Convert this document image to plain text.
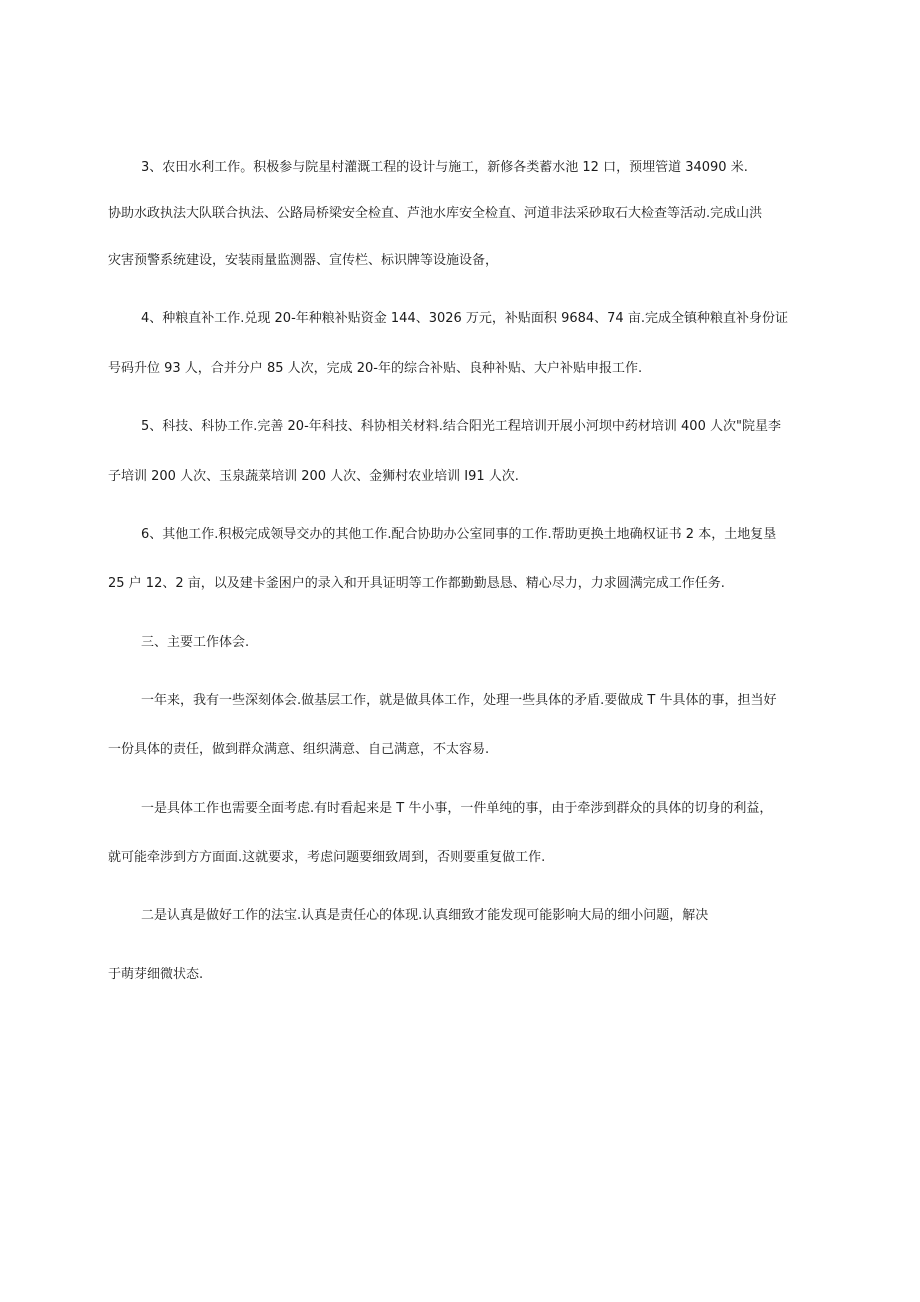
3、农田水利工作。积极参与院星村灌溉工程的设计与施工，新修各类蓄水池 12 口，预埋管道 34090 米.
协助水政执法大队联合执法、公路局桥梁安全检直、芦池水库安全检直、河道非法采砂取石大检查等活动.完成山洪
灾害预警系统建设，安装雨量监测器、宣传栏、标识牌等设施设备，
4、种粮直补工作.兑现 20-年种粮补贴资金 144、3026 万元，补贴面积 9684、74 亩.完成全镇种粮直补身份证
号码升位 93 人，合并分户 85 人次，完成 20-年的综合补贴、良种补贴、大户补贴申报工作.
5、科技、科协工作.完善 20-年科技、科协相关材料.结合阳光工程培训开展小河坝中药材培训 400 人次"院星李
子培训 200 人次、玉泉蔬菜培训 200 人次、金狮村农业培训 I91 人次.
6、其他工作.积极完成领导交办的其他工作.配合协助办公室同事的工作.帮助更换土地确权证书 2 本，土地复垦
25 户 12、2 亩，以及建卡釜困户的录入和开具证明等工作都勤勤恳恳、精心尽力，力求圆满完成工作任务.
三、主要工作体会.
一年来，我有一些深刻体会.做基层工作，就是做具体工作，处理一些具体的矛盾.要做成 T 牛具体的事，担当好
一份具体的责任，做到群众满意、组织满意、自己满意，不太容易.
一是具体工作也需要全面考虑.有时看起来是 T 牛小事，一件单纯的事，由于牵涉到群众的具体的切身的利益，
就可能牵涉到方方面面.这就要求，考虑问题要细致周到，否则要重复做工作.
二是认真是做好工作的法宝.认真是责任心的体现.认真细致才能发现可能影响大局的细小问题，解决
于萌芽细微状态.
